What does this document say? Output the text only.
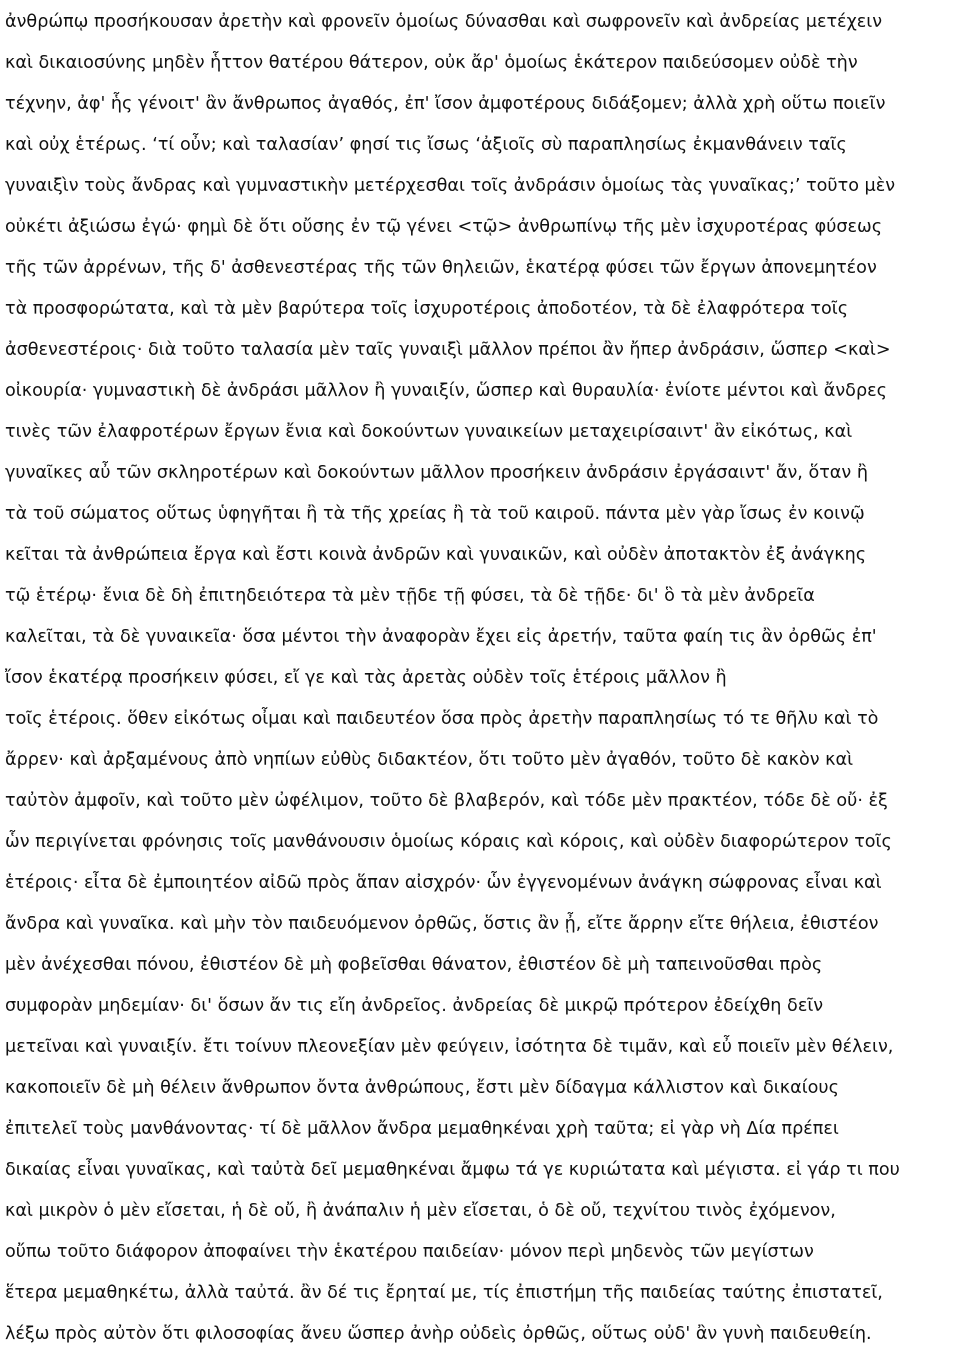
ἀνθρώπῳ προσήκουσαν ἀρετὴν καὶ φρονεῖν ὁμοίως δύνασθαι καὶ σωφρονεῖν καὶ ἀνδρείας μετέχειν
καὶ δικαιοσύνης μηδὲν ἧττον θατέρου θάτερον, οὐκ ἄρ' ὁμοίως ἑκάτερον παιδεύσομεν οὐδὲ τὴν
τέχνην, ἀφ' ἧς γένοιτ' ἂν ἄνθρωπος ἀγαθός, ἐπ' ἴσον ἀμφοτέρους διδάξομεν; ἀλλὰ χρὴ οὕτω ποιεῖν
καὶ οὐχ ἑτέρως. ‘τί οὖν; καὶ ταλασίαν’ φησί τις ἴσως ‘ἀξιοῖς σὺ παραπλησίως ἐκμανθάνειν ταῖς
γυναιξὶν τοὺς ἄνδρας καὶ γυμναστικὴν μετέρχεσθαι τοῖς ἀνδράσιν ὁμοίως τὰς γυναῖκας;’ τοῦτο μὲν
οὐκέτι ἀξιώσω ἐγώ· φημὶ δὲ ὅτι οὔσης ἐν τῷ γένει <τῷ> ἀνθρωπίνῳ τῆς μὲν ἰσχυροτέρας φύσεως
τῆς τῶν ἀρρένων, τῆς δ' ἀσθενεστέρας τῆς τῶν θηλειῶν, ἑκατέρᾳ φύσει τῶν ἔργων ἀπονεμητέον
τὰ προσφορώτατα, καὶ τὰ μὲν βαρύτερα τοῖς ἰσχυροτέροις ἀποδοτέον, τὰ δὲ ἐλαφρότερα τοῖς
ἀσθενεστέροις· διὰ τοῦτο ταλασία μὲν ταῖς γυναιξὶ μᾶλλον πρέποι ἂν ἤπερ ἀνδράσιν, ὥσπερ <καὶ>
οἰκουρία· γυμναστικὴ δὲ ἀνδράσι μᾶλλον ἢ γυναιξίν, ὥσπερ καὶ θυραυλία· ἐνίοτε μέντοι καὶ ἄνδρες
τινὲς τῶν ἐλαφροτέρων ἔργων ἔνια καὶ δοκούντων γυναικείων μεταχειρίσαιντ' ἂν εἰκότως, καὶ
γυναῖκες αὖ τῶν σκληροτέρων καὶ δοκούντων μᾶλλον προσήκειν ἀνδράσιν ἐργάσαιντ' ἄν, ὅταν ἢ
τὰ τοῦ σώματος οὕτως ὑφηγῆται ἢ τὰ τῆς χρείας ἢ τὰ τοῦ καιροῦ. πάντα μὲν γὰρ ἴσως ἐν κοινῷ
κεῖται τὰ ἀνθρώπεια ἔργα καὶ ἔστι κοινὰ ἀνδρῶν καὶ γυναικῶν, καὶ οὐδὲν ἀποτακτὸν ἐξ ἀνάγκης
τῷ ἑτέρῳ· ἔνια δὲ δὴ ἐπιτηδειότερα τὰ μὲν τῇδε τῇ φύσει, τὰ δὲ τῇδε· δι' ὃ τὰ μὲν ἀνδρεῖα
καλεῖται, τὰ δὲ γυναικεῖα· ὅσα μέντοι τὴν ἀναφορὰν ἔχει εἰς ἀρετήν, ταῦτα φαίη τις ἂν ὀρθῶς ἐπ'
ἴσον ἑκατέρᾳ προσήκειν φύσει, εἴ γε καὶ τὰς ἀρετὰς οὐδὲν τοῖς ἑτέροις μᾶλλον ἢ
τοῖς ἑτέροις. ὅθεν εἰκότως οἶμαι καὶ παιδευτέον ὅσα πρὸς ἀρετὴν παραπλησίως τό τε θῆλυ καὶ τὸ
ἄρρεν· καὶ ἀρξαμένους ἀπὸ νηπίων εὐθὺς διδακτέον, ὅτι τοῦτο μὲν ἀγαθόν, τοῦτο δὲ κακὸν καὶ
ταὐτὸν ἀμφοῖν, καὶ τοῦτο μὲν ὠφέλιμον, τοῦτο δὲ βλαβερόν, καὶ τόδε μὲν πρακτέον, τόδε δὲ οὔ· ἐξ
ὧν περιγίνεται φρόνησις τοῖς μανθάνουσιν ὁμοίως κόραις καὶ κόροις, καὶ οὐδὲν διαφορώτερον τοῖς
ἑτέροις· εἶτα δὲ ἐμποιητέον αἰδῶ πρὸς ἅπαν αἰσχρόν· ὧν ἐγγενομένων ἀνάγκη σώφρονας εἶναι καὶ
ἄνδρα καὶ γυναῖκα. καὶ μὴν τὸν παιδευόμενον ὀρθῶς, ὅστις ἂν ᾖ, εἴτε ἄρρην εἴτε θήλεια, ἐθιστέον
μὲν ἀνέχεσθαι πόνου, ἐθιστέον δὲ μὴ φοβεῖσθαι θάνατον, ἐθιστέον δὲ μὴ ταπεινοῦσθαι πρὸς
συμφορὰν μηδεμίαν· δι' ὅσων ἄν τις εἴη ἀνδρεῖος. ἀνδρείας δὲ μικρῷ πρότερον ἐδείχθη δεῖν
μετεῖναι καὶ γυναιξίν. ἔτι τοίνυν πλεονεξίαν μὲν φεύγειν, ἰσότητα δὲ τιμᾶν, καὶ εὖ ποιεῖν μὲν θέλειν,
κακοποιεῖν δὲ μὴ θέλειν ἄνθρωπον ὄντα ἀνθρώπους, ἔστι μὲν δίδαγμα κάλλιστον καὶ δικαίους
ἐπιτελεῖ τοὺς μανθάνοντας· τί δὲ μᾶλλον ἄνδρα μεμαθηκέναι χρὴ ταῦτα; εἰ γὰρ νὴ Δία πρέπει
δικαίας εἶναι γυναῖκας, καὶ ταὐτὰ δεῖ μεμαθηκέναι ἄμφω τά γε κυριώτατα καὶ μέγιστα. εἰ γάρ τι που
καὶ μικρὸν ὁ μὲν εἴσεται, ἡ δὲ οὔ, ἢ ἀνάπαλιν ἡ μὲν εἴσεται, ὁ δὲ οὔ, τεχνίτου τινὸς ἐχόμενον,
οὔπω τοῦτο διάφορον ἀποφαίνει τὴν ἑκατέρου παιδείαν· μόνον περὶ μηδενὸς τῶν μεγίστων
ἕτερα μεμαθηκέτω, ἀλλὰ ταὐτά. ἂν δέ τις ἔρηταί με, τίς ἐπιστήμη τῆς παιδείας ταύτης ἐπιστατεῖ,
λέξω πρὸς αὐτὸν ὅτι φιλοσοφίας ἄνευ ὥσπερ ἀνὴρ οὐδεὶς ὀρθῶς, οὕτως οὐδ' ἂν γυνὴ παιδευθείη.
